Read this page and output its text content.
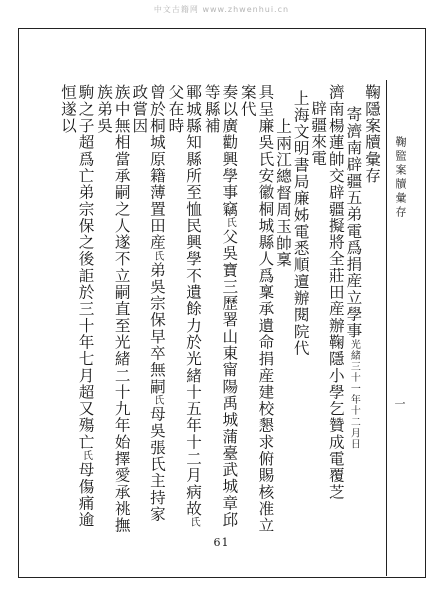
中文古籍网 www.zhwenhui.cn
鞠盬案牘彙存
一
鞠隱案牘彙存
寄濟南辟疆五弟電爲捐産立學事光緒三十一年十二月日
濟南楊蓮帥交辟疆擬將全莊田産辦鞠隱小學乞贊成電覆芝
辟疆來電
上海文明書局廉姊電悉順邅辦閱院代
上兩江總督周玉帥稟
具呈廉吳氏安徽桐城縣人爲稟承遺命捐産建校懇求俯賜核准立案代
奏以廣勸興學事竊氏父吳寶三歷署山東甯陽禹城蒲臺武城章邱等縣補
鄆城縣知縣所至恤民興學不遺餘力於光緒十五年十二月病故氏父在時
曾於桐城原籍薄置田産氏弟吳宗保早卒無嗣氏母吳張氏主持家政嘗因
族中無相當承嗣之人遂不立嗣直至光緒二十九年始擇愛承祧撫族弟吳
駒之子超爲亡弟宗保之後詎於三十年七月超又殤亡氏母傷痛逾恒遂以
61
